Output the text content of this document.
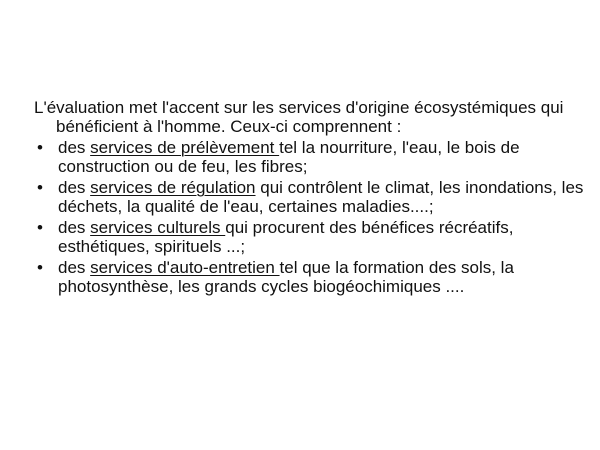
L'évaluation met l'accent sur les services d'origine écosystémiques qui bénéficient à l'homme. Ceux-ci comprennent :

• des services de prélèvement tel la nourriture, l'eau, le bois de construction ou de feu, les fibres;
• des services de régulation qui contrôlent le climat, les inondations, les déchets, la qualité de l'eau, certaines maladies....;
• des services culturels qui procurent des bénéfices récréatifs, esthétiques, spirituels ...;
• des services d'auto-entretien tel que la formation des sols, la photosynthèse, les grands cycles biogéochimiques ....
